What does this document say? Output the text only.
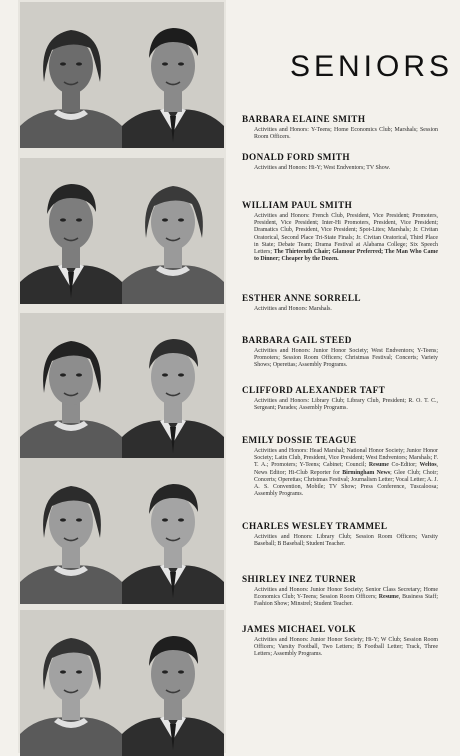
SENIORS
BARBARA ELAINE SMITH

Activities and Honors: Y-Teens; Home Economics Club; Marshals; Session Room Officers.

DONALD FORD SMITH

Activities and Honors: Hi-Y; West Endventors; TV Show.

WILLIAM PAUL SMITH

Activities and Honors: French Club, President, Vice President; Promoters, President, Vice President; Inter-Hi Promoters, President, Vice President; Dramatics Club, President, Vice President; Spot-Lites; Marshals; Jr. Civitan Oratorical, Second Place Tri-State Finals; Jr. Civitan Oratorical, Third Place in State; Debate Team; Drama Festival at Alabama College; Six Speech Letters; The Thirteenth Chair; Glamour Preferred; The Man Who Came to Dinner; Cheaper by the Dozen.

ESTHER ANNE SORRELL

Activities and Honors: Marshals.

BARBARA GAIL STEED

Activities and Honors: Junior Honor Society; West Endventors; Y-Teens; Promoters; Session Room Officers; Christmas Festival; Concerts; Variety Shows; Operettas; Assembly Programs.

CLIFFORD ALEXANDER TAFT

Activities and Honors: Library Club; Library Club, President; R. O. T. C., Sergeant; Parades; Assembly Programs.

EMILY DOSSIE TEAGUE

Activities and Honors: Head Marshal; National Honor Society; Junior Honor Society; Latin Club, President, Vice President; West Endventors; Marshals; F. T. A.; Promoters; Y-Teens; Cabinet; Council; Resume Co-Editor; Weltos, News Editor; Hi-Club Reporter for Birmingham News; Glee Club; Choir; Concerts; Operettas; Christmas Festival; Journalism Letter; Vocal Letter; A. J. A. S. Convention, Mobile; TV Show; Press Conference, Tuscaloosa; Assembly Programs.

CHARLES WESLEY TRAMMEL

Activities and Honors: Library Club; Session Room Officers; Varsity Baseball; B Baseball; Student Teacher.

SHIRLEY INEZ TURNER

Activities and Honors: Junior Honor Society; Senior Class Secretary; Home Economics Club; Y-Teens; Session Room Officers; Resume, Business Staff; Fashion Show; Minstrel; Student Teacher.

JAMES MICHAEL VOLK

Activities and Honors: Junior Honor Society; Hi-Y; W Club; Session Room Officers; Varsity Football, Two Letters; B Football Letter; Track, Three Letters; Assembly Programs.
